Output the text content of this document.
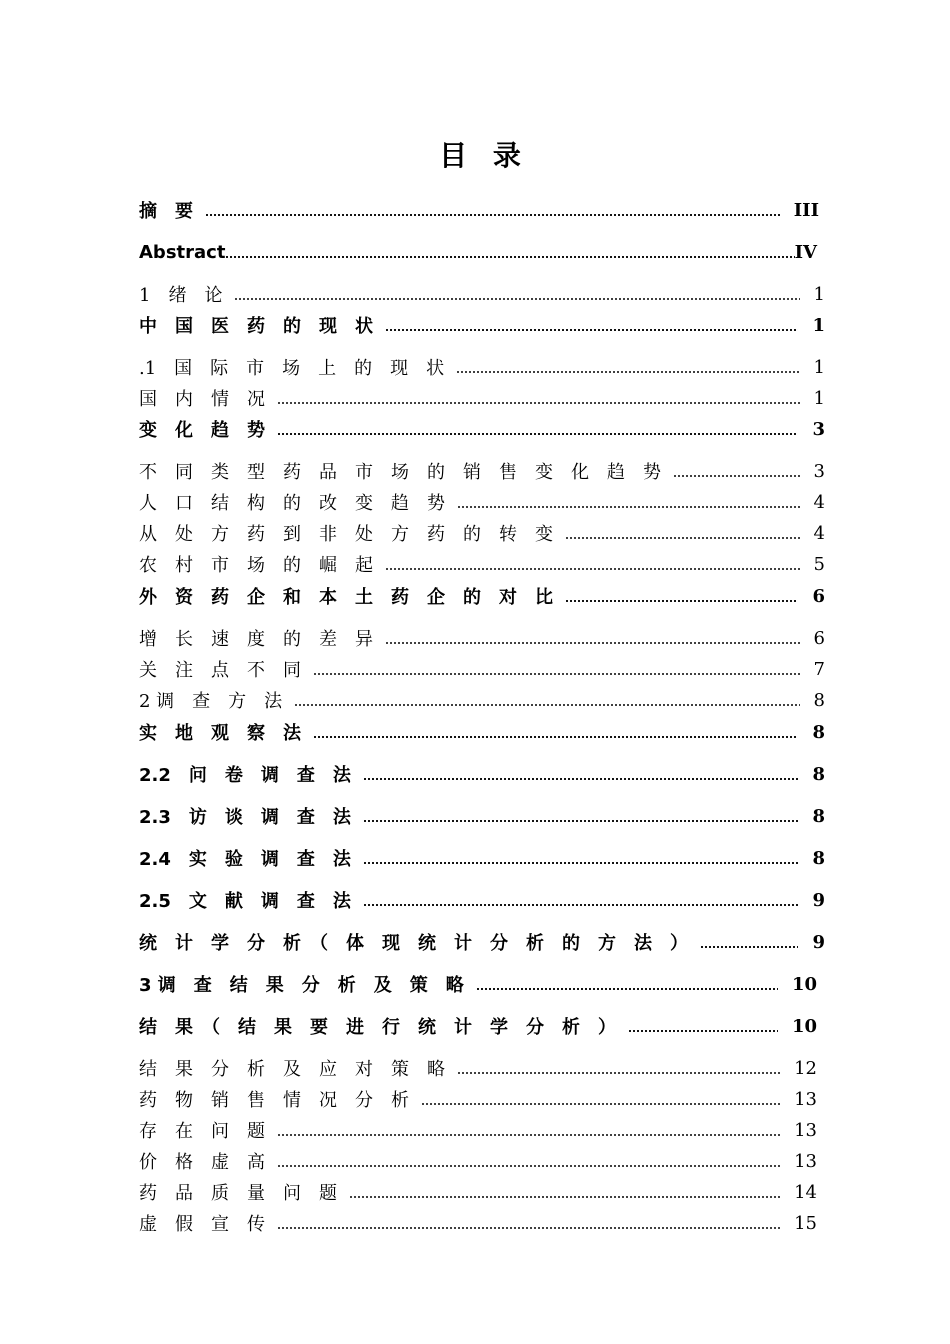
目 录
摘　要	III
Abstract	IV
1　绪　论	1
中　国　医　药　的　现　状	1
.1　国　际　市　场　上　的　现　状	1
国　内　情　况	1
变　化　趋　势	3
不　同　类　型　药　品　市　场　的　销　售　变　化　趋　势	3
人　口　结　构　的　改　变　趋　势	4
从　处　方　药　到　非　处　方　药　的　转　变	4
农　村　市　场　的　崛　起	5
外　资　药　企　和　本　土　药　企　的　对　比	6
增　长　速　度　的　差　异	6
关　注　点　不　同	7
2 调　查　方　法	8
实　地　观　察　法	8
2.2　问　卷　调　查　法	8
2.3　访　谈　调　查　法	8
2.4　实　验　调　查　法	8
2.5　文　献　调　查　法	9
统　计　学　分　析　（　体　现　统　计　分　析　的　方　法　）	9
3 调　查　结　果　分　析　及　策　略	10
结　果　（　结　果　要　进　行　统　计　学　分　析　）	10
结　果　分　析　及　应　对　策　略	12
药　物　销　售　情　况　分　析	13
存　在　问　题	13
价　格　虚　高	13
药　品　质　量　问　题	14
虚　假　宣　传	15
